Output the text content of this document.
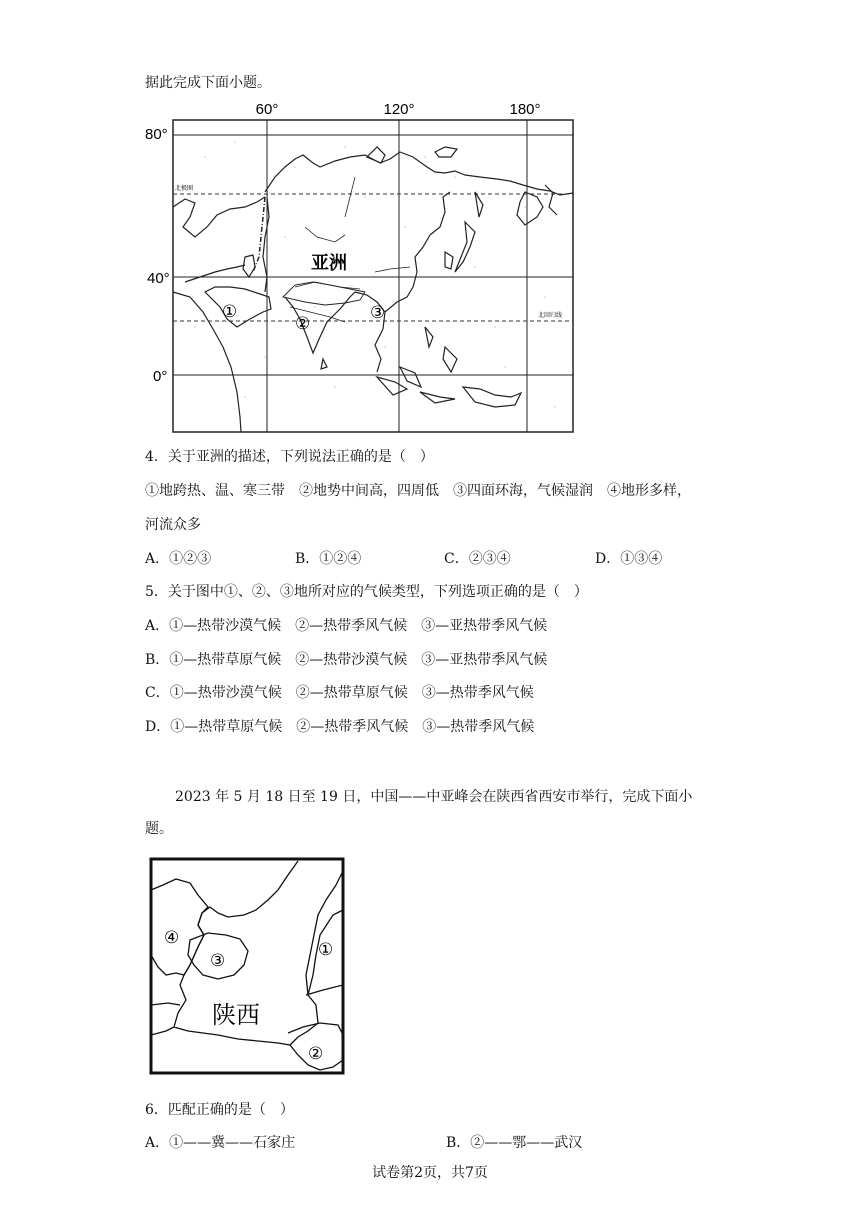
据此完成下面小题。
60°	120°	180°
80°
40°
0°
北极圈
北回归线
亚洲
①
②
③
4．关于亚洲的描述，下列说法正确的是（　）
①地跨热、温、寒三带　②地势中间高，四周低　③四面环海，气候湿润　④地形多样，
河流众多
A．①②③	B．①②④	C．②③④	D．①③④
5．关于图中①、②、③地所对应的气候类型，下列选项正确的是（　）
A．①—热带沙漠气候　②—热带季风气候　③—亚热带季风气候
B．①—热带草原气候　②—热带沙漠气候　③—亚热带季风气候
C．①—热带沙漠气候　②—热带草原气候　③—热带季风气候
D．①—热带草原气候　②—热带季风气候　③—热带季风气候
2023 年 5 月 18 日至 19 日，中国——中亚峰会在陕西省西安市举行，完成下面小
题。
陕西
①
②
③
④
6．匹配正确的是（　）
A．①——冀——石家庄	B．②——鄂——武汉
试卷第2页，共7页
